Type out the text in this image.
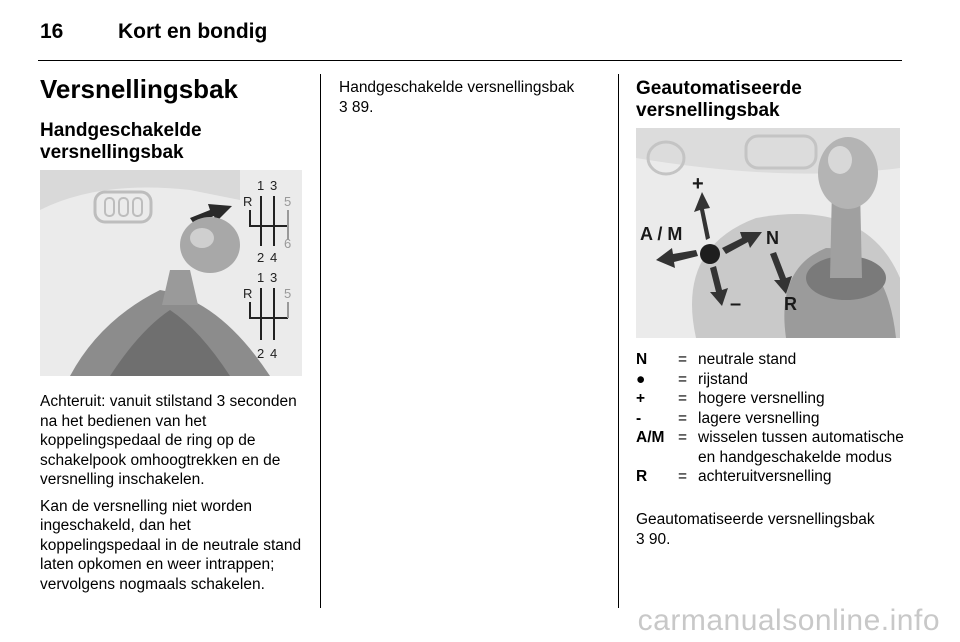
16	Kort en bondig
Versnellingsbak
Handgeschakelde versnellingsbak
R
1 3
5
2 4
6
R
1 3
5
2 4

Achteruit: vanuit stilstand 3 seconden na het bedienen van het koppelingspedaal de ring op de schakelpook omhoogtrekken en de versnelling inschakelen.

Kan de versnelling niet worden ingeschakeld, dan het koppelingspedaal in de neutrale stand laten opkomen en weer intrappen; vervolgens nogmaals schakelen.

Handgeschakelde versnellingsbak
3 89.
Geautomatiseerde versnellingsbak
+
A / M	N
– R
N	= neutrale stand
●	= rijstand
+	= hogere versnelling
-	= lagere versnelling
A/M = wisselen tussen automatische en handgeschakelde modus
R	= achteruitversnelling
Geautomatiseerde versnellingsbak
3 90.
carmanualsonline.info
